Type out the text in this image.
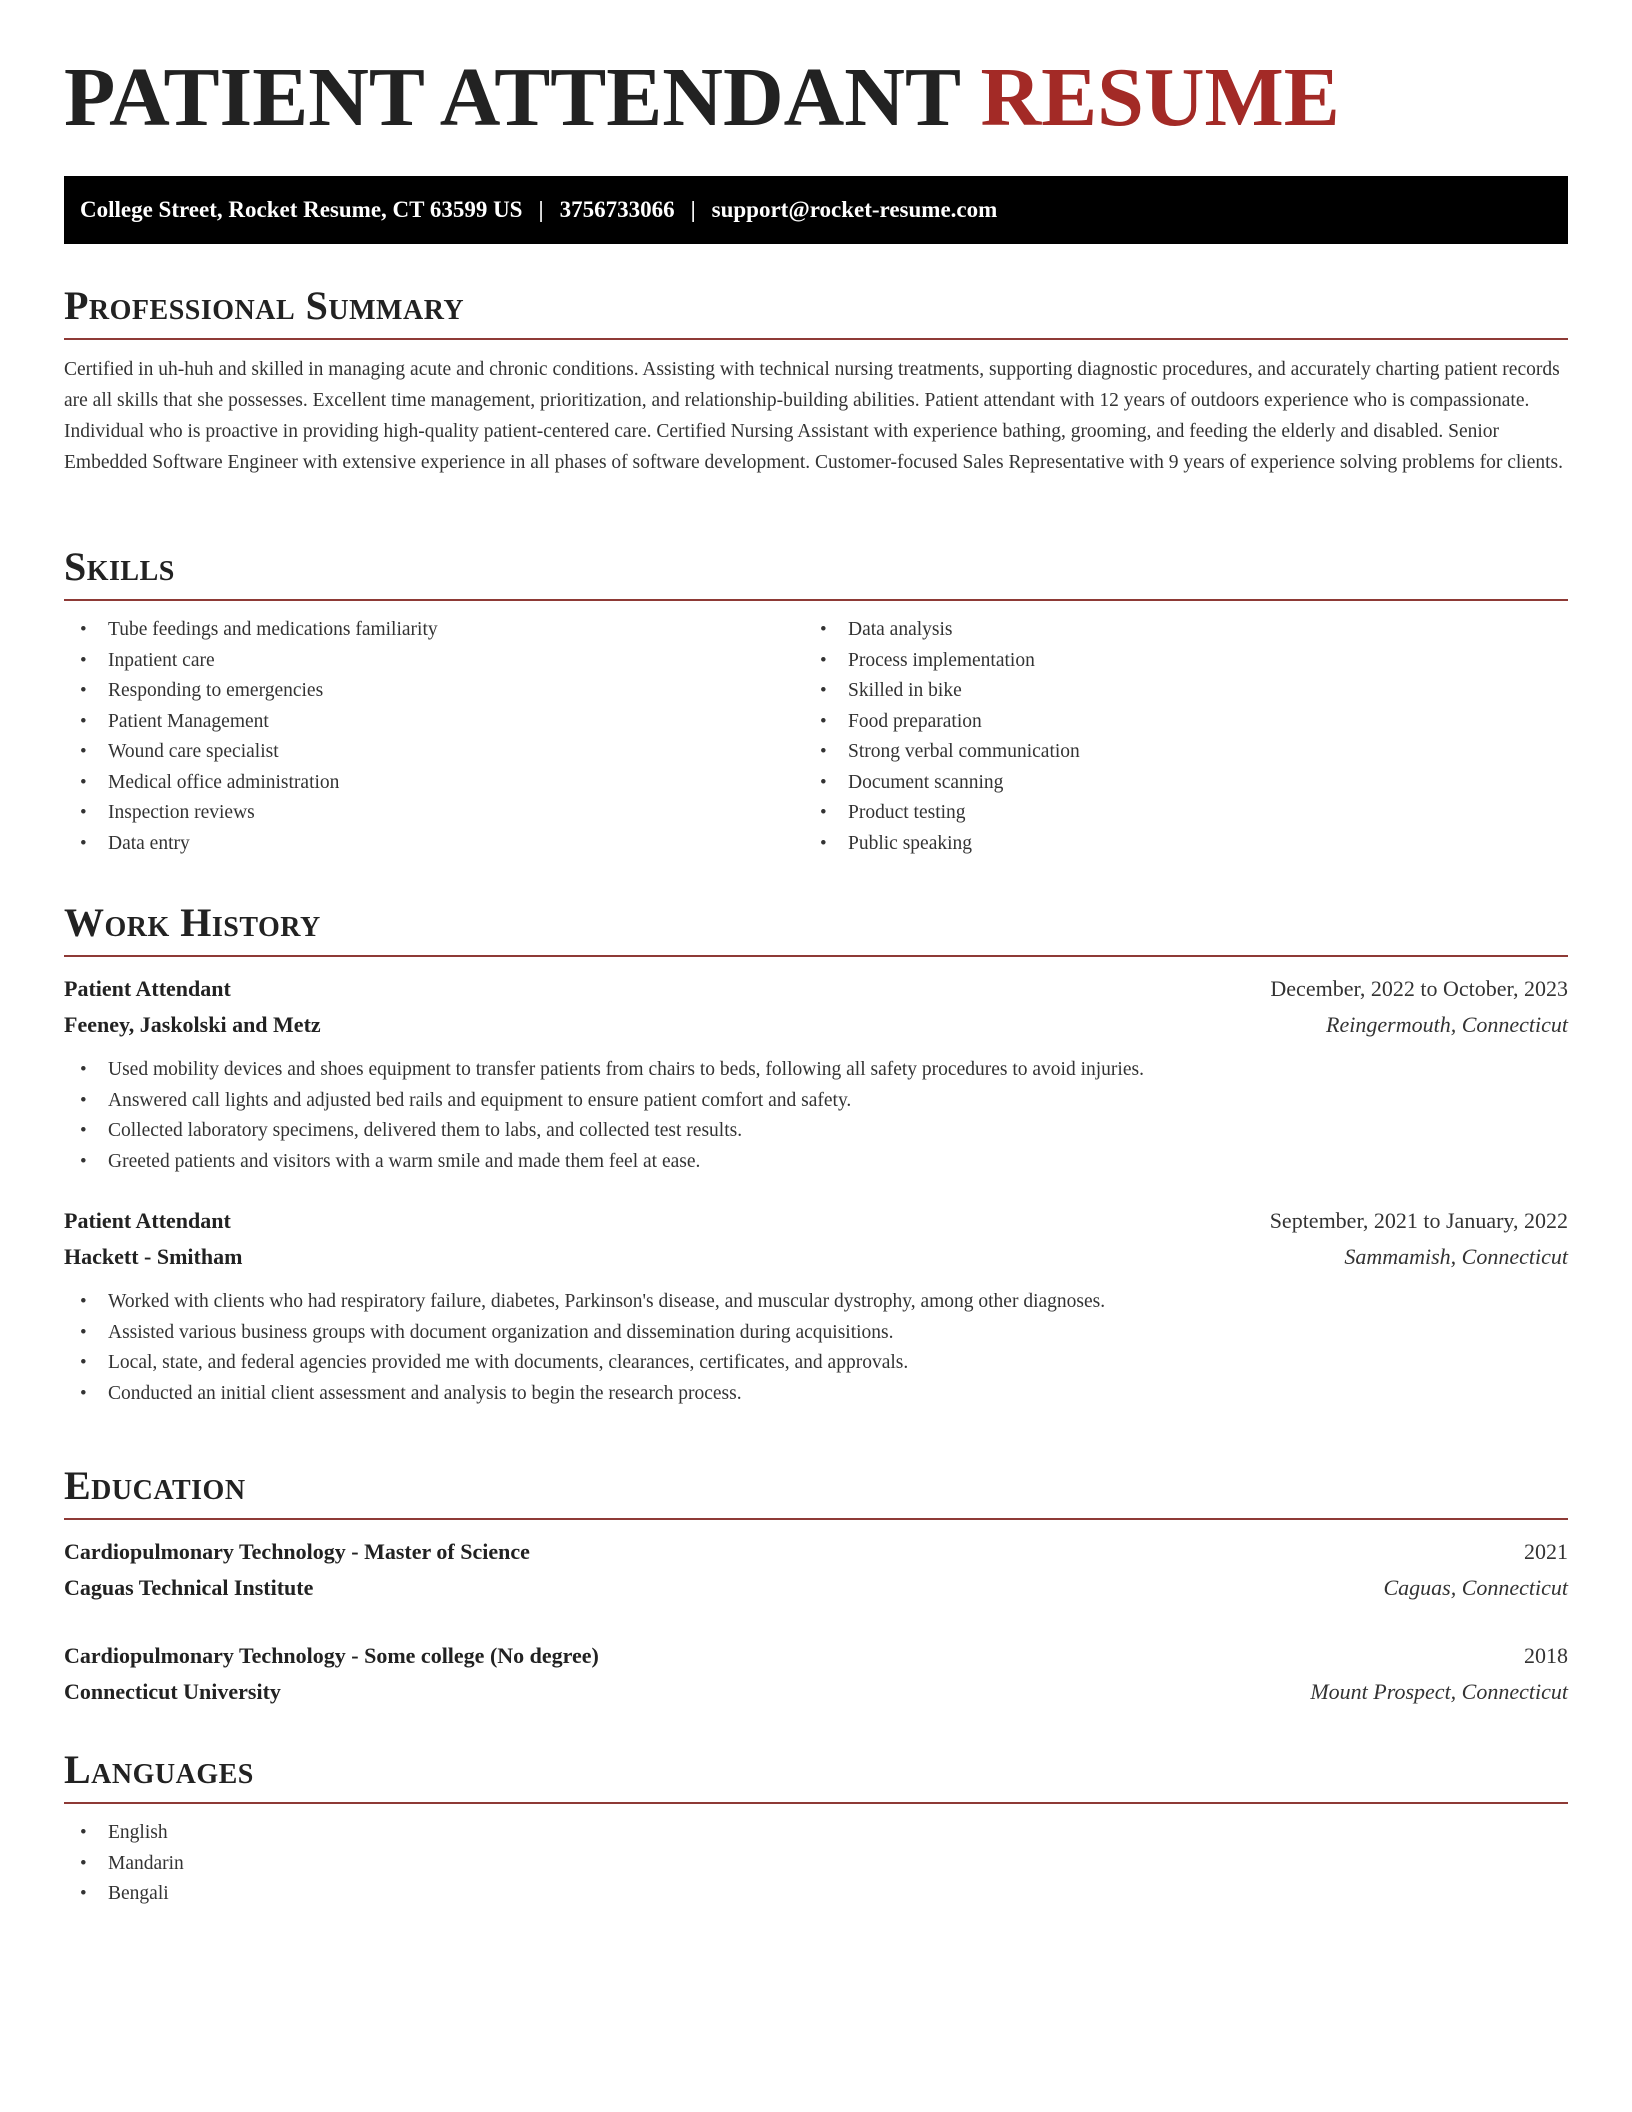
PATIENT ATTENDANT RESUME
College Street, Rocket Resume, CT 63599 US | 3756733066 | support@rocket-resume.com
Professional Summary

Certified in uh-huh and skilled in managing acute and chronic conditions. Assisting with technical nursing treatments, supporting diagnostic procedures, and accurately charting patient records are all skills that she possesses. Excellent time management, prioritization, and relationship-building abilities. Patient attendant with 12 years of outdoors experience who is compassionate. Individual who is proactive in providing high-quality patient-centered care. Certified Nursing Assistant with experience bathing, grooming, and feeding the elderly and disabled. Senior Embedded Software Engineer with extensive experience in all phases of software development. Customer-focused Sales Representative with 9 years of experience solving problems for clients.

Skills
• Tube feedings and medications familiarity
• Inpatient care
• Responding to emergencies
• Patient Management
• Wound care specialist
• Medical office administration
• Inspection reviews
• Data entry
• Data analysis
• Process implementation
• Skilled in bike
• Food preparation
• Strong verbal communication
• Document scanning
• Product testing
• Public speaking
Work History
Patient Attendant	December, 2022 to October, 2023
Feeney, Jaskolski and Metz	Reingermouth, Connecticut
• Used mobility devices and shoes equipment to transfer patients from chairs to beds, following all safety procedures to avoid injuries.
• Answered call lights and adjusted bed rails and equipment to ensure patient comfort and safety.
• Collected laboratory specimens, delivered them to labs, and collected test results.
• Greeted patients and visitors with a warm smile and made them feel at ease.
Patient Attendant	September, 2021 to January, 2022
Hackett - Smitham	Sammamish, Connecticut
• Worked with clients who had respiratory failure, diabetes, Parkinson's disease, and muscular dystrophy, among other diagnoses.
• Assisted various business groups with document organization and dissemination during acquisitions.
• Local, state, and federal agencies provided me with documents, clearances, certificates, and approvals.
• Conducted an initial client assessment and analysis to begin the research process.
Education
Cardiopulmonary Technology - Master of Science	2021
Caguas Technical Institute	Caguas, Connecticut
Cardiopulmonary Technology - Some college (No degree)	2018
Connecticut University	Mount Prospect, Connecticut
Languages
• English
• Mandarin
• Bengali
